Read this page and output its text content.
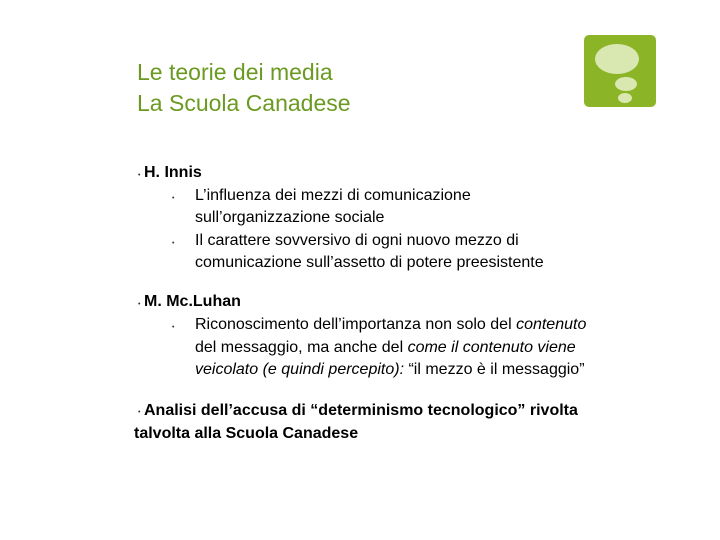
Le teorie dei media
La Scuola Canadese
• H. Innis
• L’influenza dei mezzi di comunicazione
sull’organizzazione sociale
• Il carattere sovversivo di ogni nuovo mezzo di
comunicazione sull’assetto di potere preesistente
• M. Mc.Luhan
• Riconoscimento dell’importanza non solo del contenuto
del messaggio, ma anche del come il contenuto viene
veicolato (e quindi percepito): “il mezzo è il messaggio”
• Analisi dell’accusa di “determinismo tecnologico” rivolta
talvolta alla Scuola Canadese
